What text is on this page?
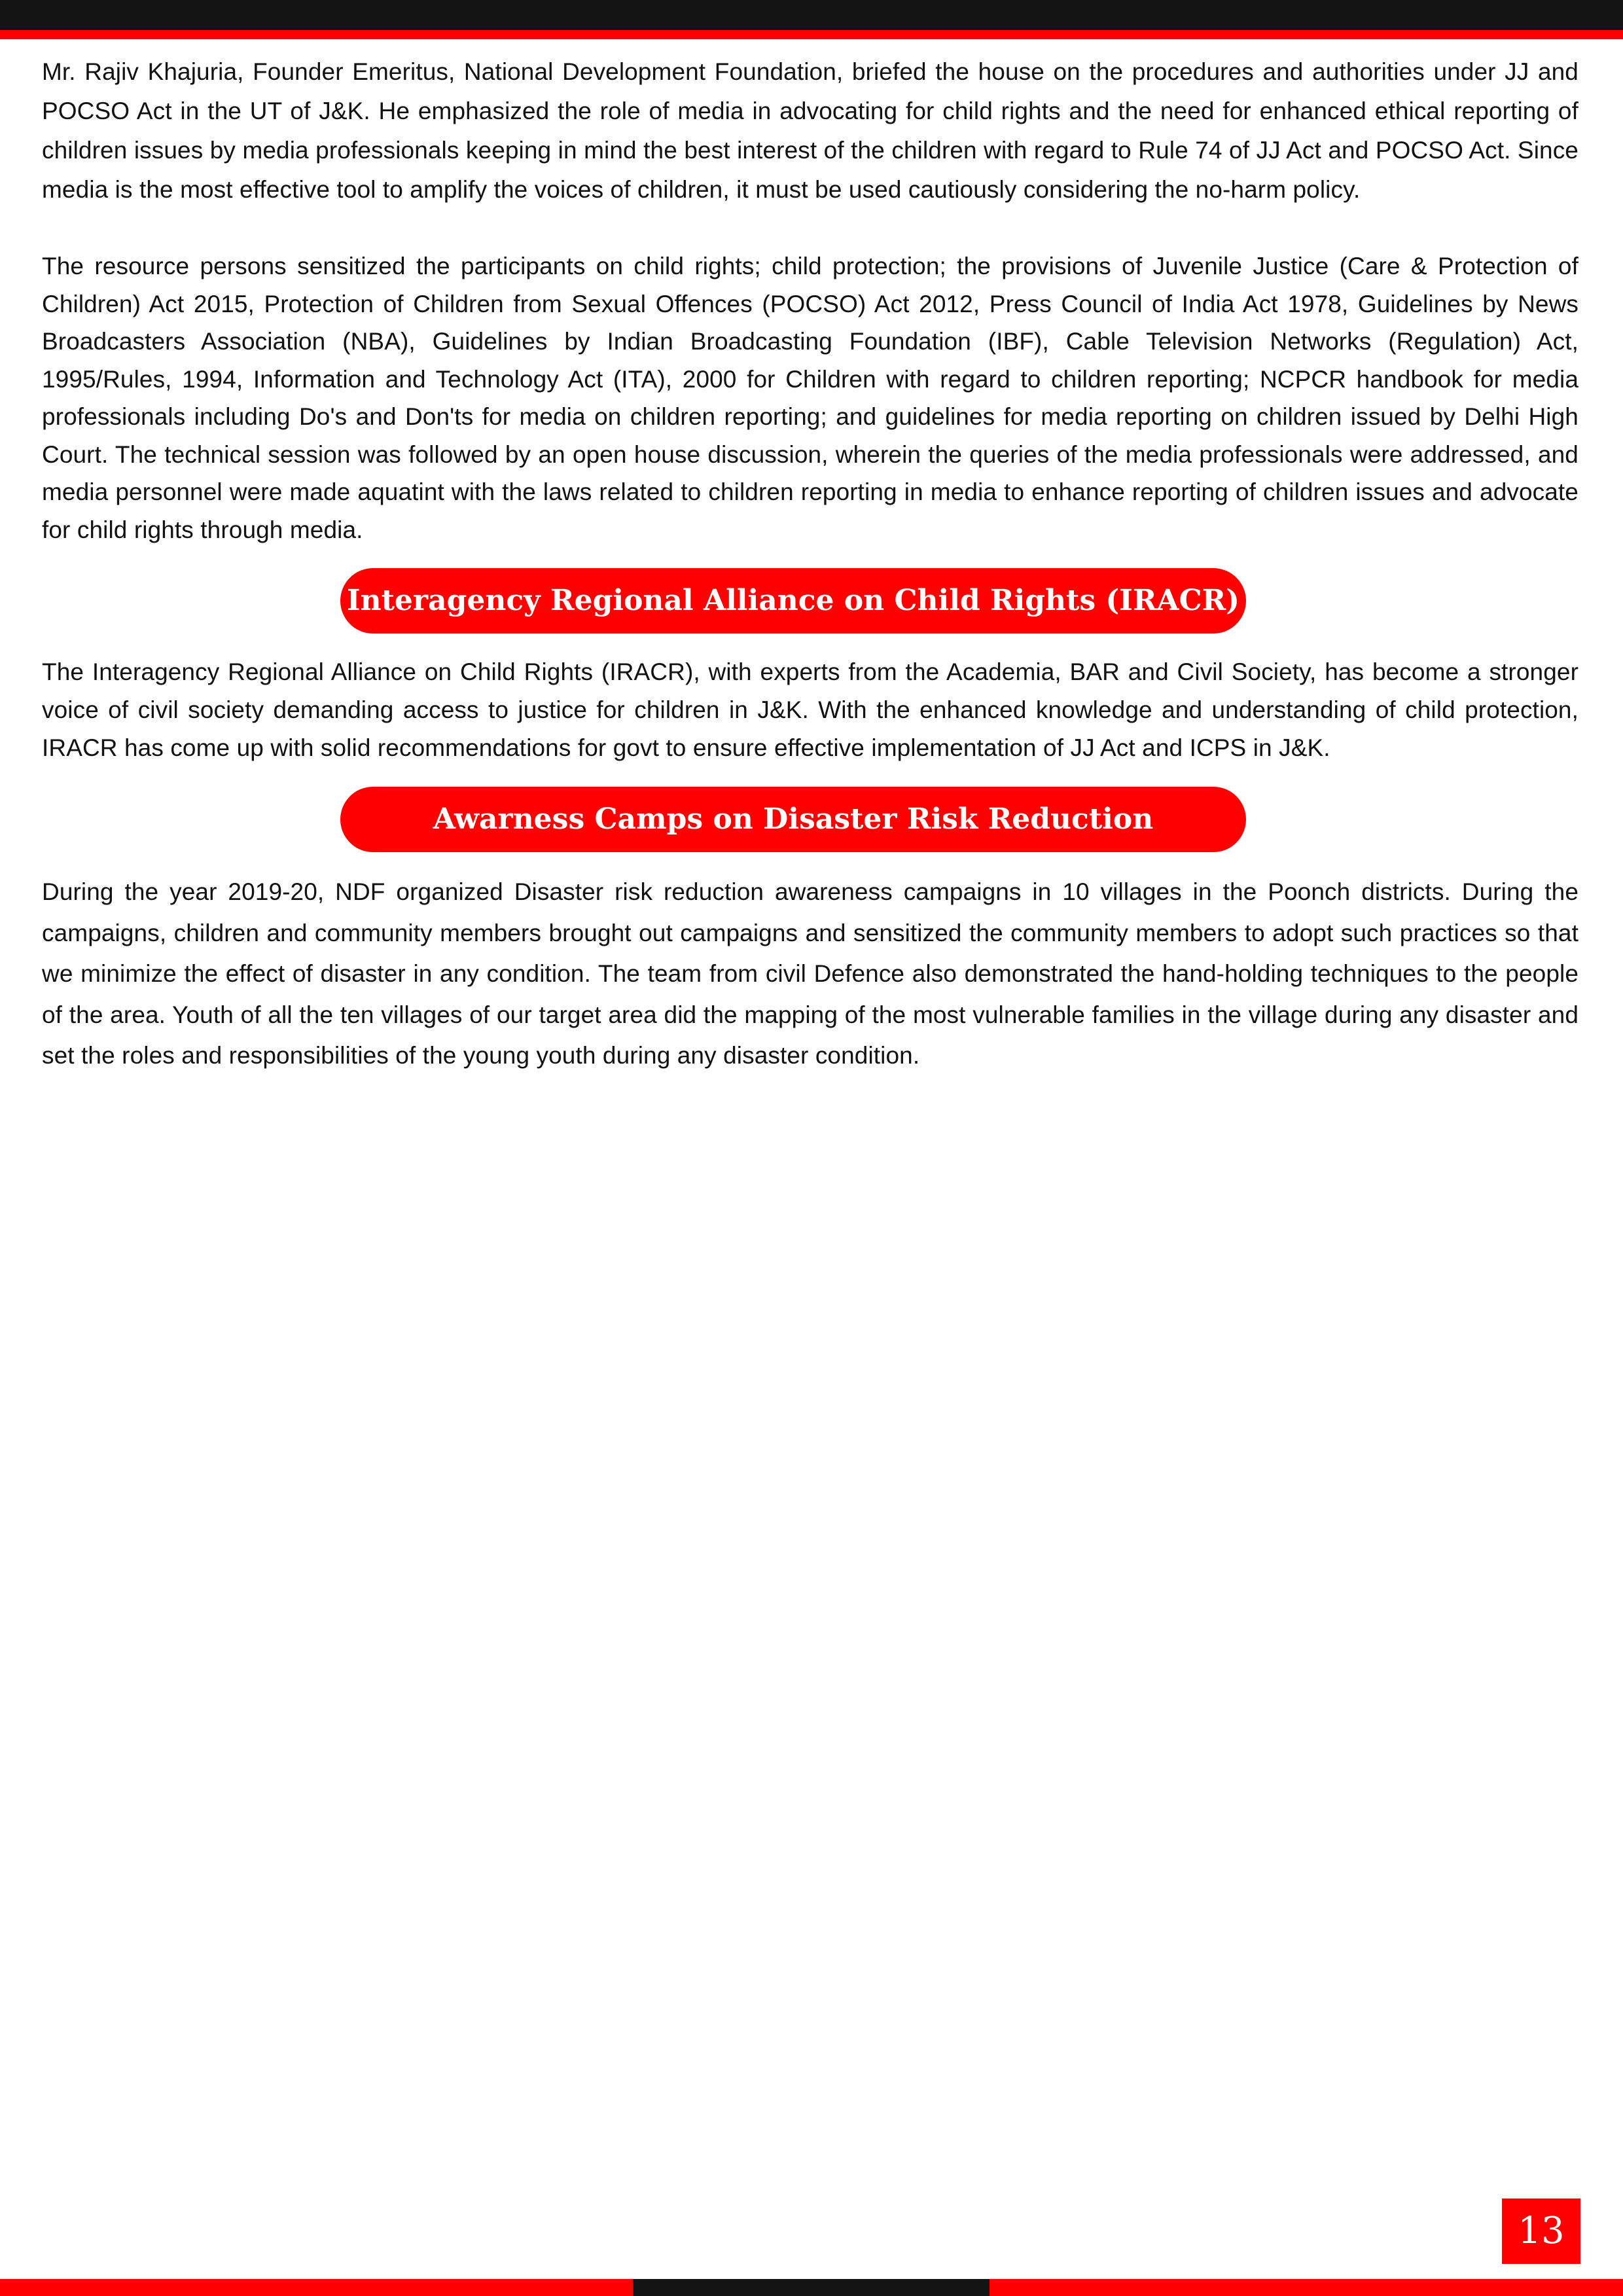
Mr. Rajiv Khajuria, Founder Emeritus, National Development Foundation, briefed the house on the procedures and authorities under JJ and POCSO Act in the UT of J&K. He emphasized the role of media in advocating for child rights and the need for enhanced ethical reporting of children issues by media professionals keeping in mind the best interest of the children with regard to Rule 74 of JJ Act and POCSO Act. Since media is the most effective tool to amplify the voices of children, it must be used cautiously considering the no-harm policy.

The resource persons sensitized the participants on child rights; child protection; the provisions of Juvenile Justice (Care & Protection of Children) Act 2015, Protection of Children from Sexual Offences (POCSO) Act 2012, Press Council of India Act 1978, Guidelines by News Broadcasters Association (NBA), Guidelines by Indian Broadcasting Foundation (IBF), Cable Television Networks (Regulation) Act, 1995/Rules, 1994, Information and Technology Act (ITA), 2000 for Children with regard to children reporting; NCPCR handbook for media professionals including Do's and Don'ts for media on children reporting; and guidelines for media reporting on children issued by Delhi High Court. The technical session was followed by an open house discussion, wherein the queries of the media professionals were addressed, and media personnel were made aquatint with the laws related to children reporting in media to enhance reporting of children issues and advocate for child rights through media.

Interagency Regional Alliance on Child Rights (IRACR)

The Interagency Regional Alliance on Child Rights (IRACR), with experts from the Academia, BAR and Civil Society, has become a stronger voice of civil society demanding access to justice for children in J&K. With the enhanced knowledge and understanding of child protection, IRACR has come up with solid recommendations for govt to ensure effective implementation of JJ Act and ICPS in J&K.

Awarness Camps on Disaster Risk Reduction

During the year 2019-20, NDF organized Disaster risk reduction awareness campaigns in 10 villages in the Poonch districts. During the campaigns, children and community members brought out campaigns and sensitized the community members to adopt such practices so that we minimize the effect of disaster in any condition. The team from civil Defence also demonstrated the hand-holding techniques to the people of the area. Youth of all the ten villages of our target area did the mapping of the most vulnerable families in the village during any disaster and set the roles and responsibilities of the young youth during any disaster condition.

13
